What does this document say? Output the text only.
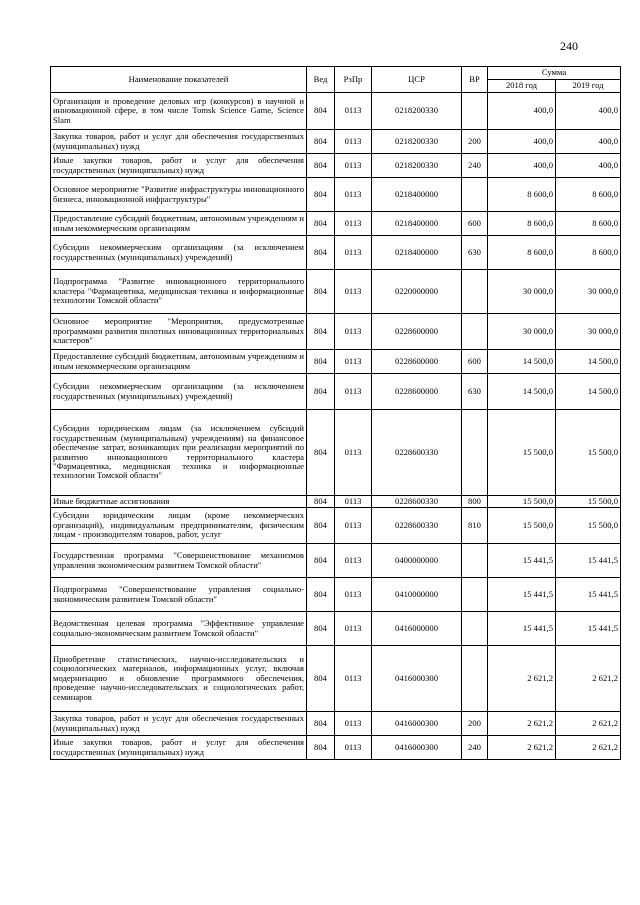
240
Наименование показателей	Вед	РзПр	ЦСР	ВР	Сумма	
					2018 год	2019 год
Организация и проведение деловых игр (конкурсов) в научной и инновационной сфере, в том числе Tomsk Science Game, Science Slam	804	0113	0218200330		400,0	400,0
Закупка товаров, работ и услуг для обеспечения государственных (муниципальных) нужд	804	0113	0218200330	200	400,0	400,0
Иные закупки товаров, работ и услуг для обеспечения государственных (муниципальных) нужд	804	0113	0218200330	240	400,0	400,0
Основное мероприятие "Развитие инфраструктуры инновационного бизнеса, инновационной инфраструктуры"	804	0113	0218400000		8 600,0	8 600,0
Предоставление субсидий бюджетным, автономным учреждениям и иным некоммерческим организациям	804	0113	0218400000	600	8 600,0	8 600,0
Субсидии некоммерческим организациям (за исключением государственных (муниципальных) учреждений)	804	0113	0218400000	630	8 600,0	8 600,0
Подпрограмма "Развитие инновационного территориального кластера "Фармацевтика, медицинская техника и информационные технологии Томской области"	804	0113	0220000000		30 000,0	30 000,0
Основное мероприятие "Мероприятия, предусмотренные программами развития пилотных инновационных территориальных кластеров"	804	0113	0228600000		30 000,0	30 000,0
Предоставление субсидий бюджетным, автономным учреждениям и иным некоммерческим организациям	804	0113	0228600000	600	14 500,0	14 500,0
Субсидии некоммерческим организациям (за исключением государственных (муниципальных) учреждений)	804	0113	0228600000	630	14 500,0	14 500,0
Субсидии юридическим лицам (за исключением субсидий государственным (муниципальным) учреждениям) на финансовое обеспечение затрат, возникающих при реализации мероприятий по развитию инновационного территориального кластера "Фармацевтика, медицинская техника и информационные технологии Томской области"	804	0113	0228600330		15 500,0	15 500,0
Иные бюджетные ассигнования	804	0113	0228600330	800	15 500,0	15 500,0
Субсидии юридическим лицам (кроме некоммерческих организаций), индивидуальным предпринимателям, физическим лицам - производителям товаров, работ, услуг	804	0113	0228600330	810	15 500,0	15 500,0
Государственная программа "Совершенствование механизмов управления экономическим развитием Томской области"	804	0113	0400000000		15 441,5	15 441,5
Подпрограмма "Совершенствование управления социально-экономическим развитием Томской области"	804	0113	0410000000		15 441,5	15 441,5
Ведомственная целевая программа "Эффективное управление социально-экономическим развитием Томской области"	804	0113	0416000000		15 441,5	15 441,5
Приобретение статистических, научно-исследовательских и социологических материалов, информационных услуг, включая модернизацию и обновление программного обеспечения, проведение научно-исследовательских и социологических работ, семинаров	804	0113	0416000300		2 621,2	2 621,2
Закупка товаров, работ и услуг для обеспечения государственных (муниципальных) нужд	804	0113	0416000300	200	2 621,2	2 621,2
Иные закупки товаров, работ и услуг для обеспечения государственных (муниципальных) нужд	804	0113	0416000300	240	2 621,2	2 621,2
